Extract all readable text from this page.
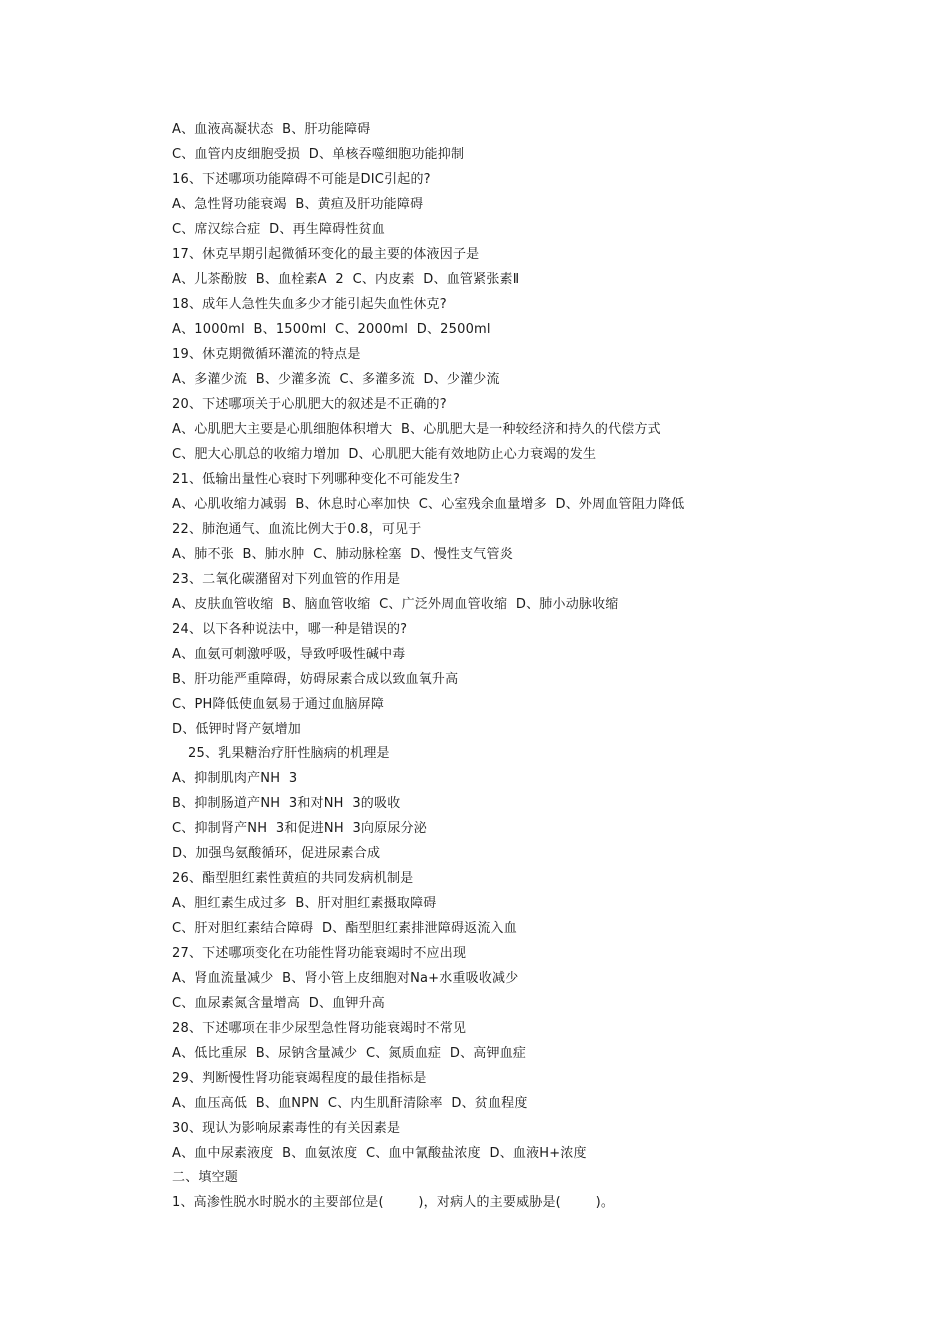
A、血液高凝状态  B、肝功能障碍
C、血管内皮细胞受损  D、单核吞噬细胞功能抑制
16、下述哪项功能障碍不可能是DIC引起的?
A、急性肾功能衰竭  B、黄疸及肝功能障碍
C、席汉综合症  D、再生障碍性贫血
17、休克早期引起微循环变化的最主要的体液因子是
A、儿茶酚胺  B、血栓素A  2  C、内皮素  D、血管紧张素Ⅱ
18、成年人急性失血多少才能引起失血性休克?
A、1000ml  B、1500ml  C、2000ml  D、2500ml
19、休克期微循环灌流的特点是
A、多灌少流  B、少灌多流  C、多灌多流  D、少灌少流
20、下述哪项关于心肌肥大的叙述是不正确的?
A、心肌肥大主要是心肌细胞体积增大  B、心肌肥大是一种较经济和持久的代偿方式
C、肥大心肌总的收缩力增加  D、心肌肥大能有效地防止心力衰竭的发生
21、低输出量性心衰时下列哪种变化不可能发生?
A、心肌收缩力减弱  B、休息时心率加快  C、心室残余血量增多  D、外周血管阻力降低
22、肺泡通气、血流比例大于0.8，可见于
A、肺不张  B、肺水肿  C、肺动脉栓塞  D、慢性支气管炎
23、二氧化碳潴留对下列血管的作用是
A、皮肤血管收缩  B、脑血管收缩  C、广泛外周血管收缩  D、肺小动脉收缩
24、以下各种说法中，哪一种是错误的?
A、血氨可刺激呼吸，导致呼吸性碱中毒
B、肝功能严重障碍，妨碍尿素合成以致血氧升高
C、PH降低使血氨易于通过血脑屏障
D、低钾时肾产氨增加
25、乳果糖治疗肝性脑病的机理是
A、抑制肌肉产NH  3
B、抑制肠道产NH  3和对NH  3的吸收
C、抑制肾产NH  3和促进NH  3向原尿分泌
D、加强鸟氨酸循环，促进尿素合成
26、酯型胆红素性黄疸的共同发病机制是
A、胆红素生成过多  B、肝对胆红素摄取障碍
C、肝对胆红素结合障碍  D、酯型胆红素排泄障碍返流入血
27、下述哪项变化在功能性肾功能衰竭时不应出现
A、肾血流量减少  B、肾小管上皮细胞对Na+水重吸收减少
C、血尿素氮含量增高  D、血钾升高
28、下述哪项在非少尿型急性肾功能衰竭时不常见
A、低比重尿  B、尿钠含量减少  C、氮质血症  D、高钾血症
29、判断慢性肾功能衰竭程度的最佳指标是
A、血压高低  B、血NPN  C、内生肌酐清除率  D、贫血程度
30、现认为影响尿素毒性的有关因素是
A、血中尿素液度  B、血氨浓度  C、血中氰酸盐浓度  D、血液H+浓度
二、填空题
1、高渗性脱水时脱水的主要部位是(        )，对病人的主要威胁是(        )。
